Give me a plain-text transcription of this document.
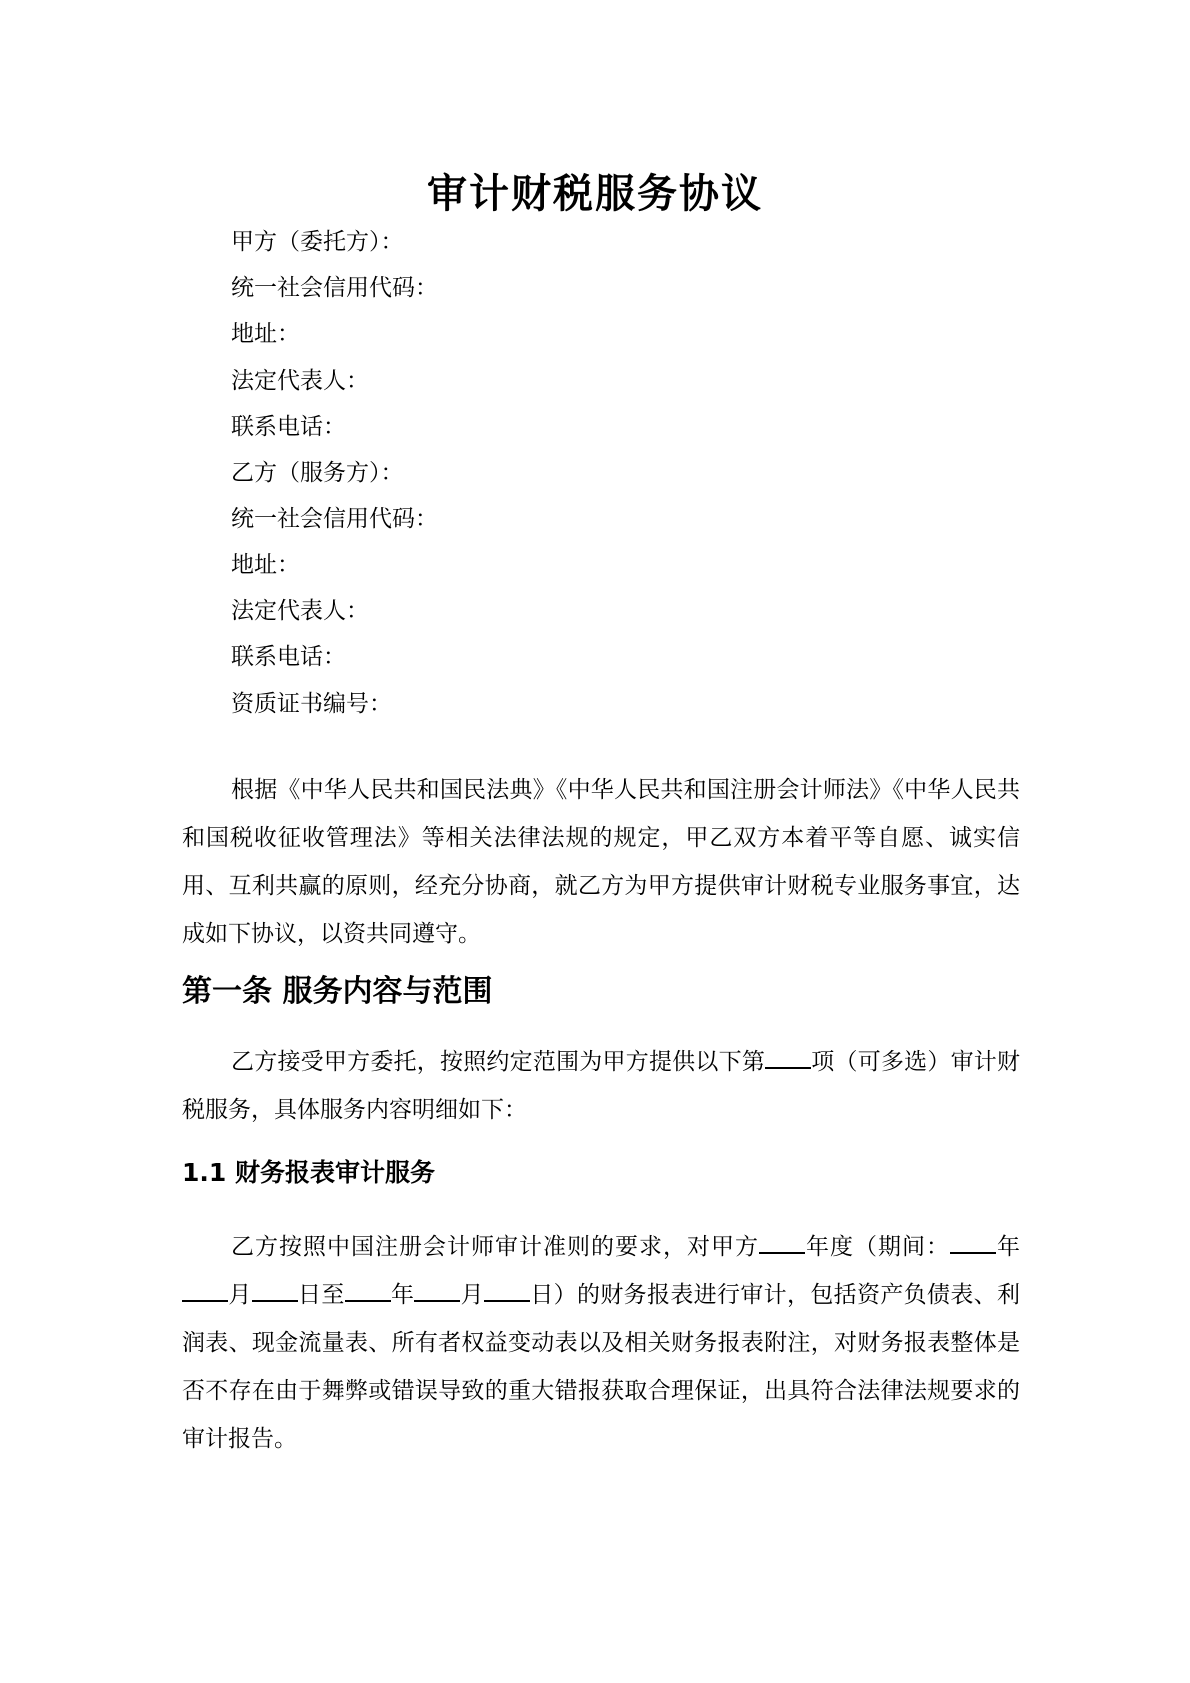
审计财税服务协议
甲方（委托方）：
统一社会信用代码：
地址：
法定代表人：
联系电话：
乙方（服务方）：
统一社会信用代码：
地址：
法定代表人：
联系电话：
资质证书编号：

根据《中华人民共和国民法典》《中华人民共和国注册会计师法》《中华人民共和国税收征收管理法》等相关法律法规的规定，甲乙双方本着平等自愿、诚实信用、互利共赢的原则，经充分协商，就乙方为甲方提供审计财税专业服务事宜，达成如下协议，以资共同遵守。

第一条 服务内容与范围

乙方接受甲方委托，按照约定范围为甲方提供以下第 项（可多选）审计财税服务，具体服务内容明细如下：

1.1 财务报表审计服务

乙方按照中国注册会计师审计准则的要求，对甲方 年度（期间： 年月 日至 年 月 日）的财务报表进行审计，包括资产负债表、利润表、现金流量表、所有者权益变动表以及相关财务报表附注，对财务报表整体是否不存在由于舞弊或错误导致的重大错报获取合理保证，出具符合法律法规要求的审计报告。
